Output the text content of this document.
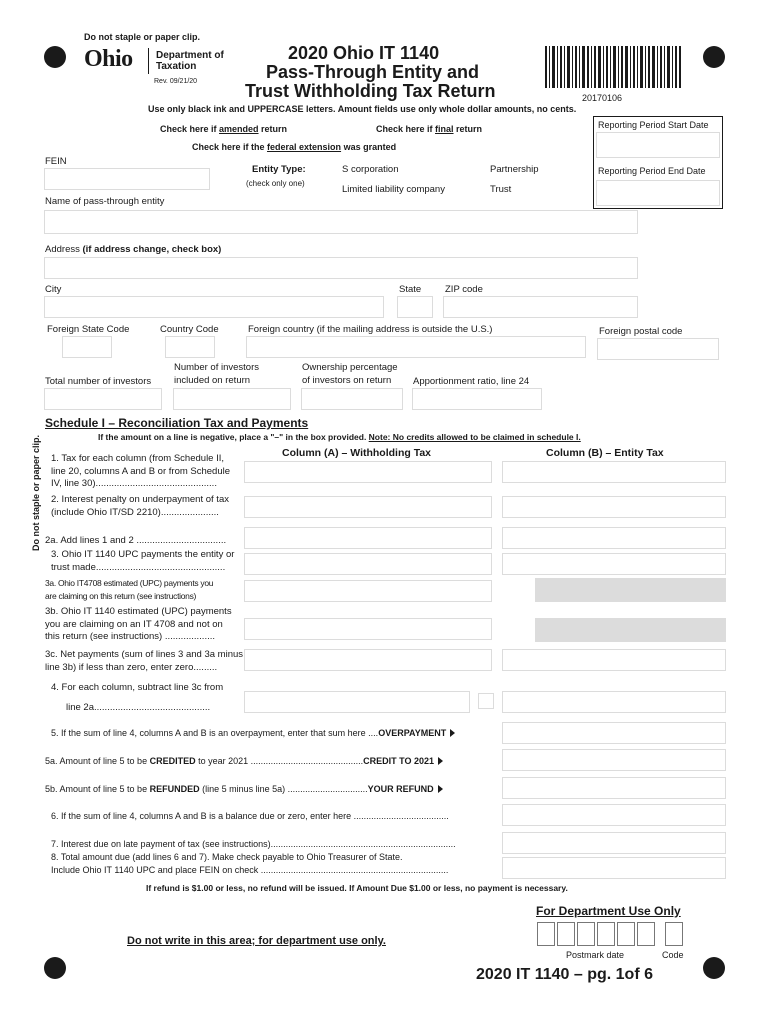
Do not staple or paper clip.
Ohio Department of
Taxation
Rev. 09/21/20
2020 Ohio IT 1140
Pass-Through Entity and
Trust Withholding Tax Return	20170106
Use only black ink and UPPERCASE letters. Amount fields use only whole dollar amounts, no cents.
Check here if amended return	Check here if final return
Check here if the federal extension was granted
Reporting Period Start Date
Reporting Period End Date
FEIN
Entity Type:
(check only one)
S corporation	Partnership
Limited liability company	Trust
Name of pass-through entity
Address (if address change, check box)
City	State	ZIP code
Foreign State Code	Country Code	Foreign country (if the mailing address is outside the U.S.)	Foreign postal code
Total number of investors
Number of investors
included on return
Ownership percentage
of investors on return	Apportionment ratio, line 24
Do not staple or paper clip.
Schedule I – Reconciliation Tax and Payments
If the amount on a line is negative, place a "–" in the box provided. Note: No credits allowed to be claimed in schedule I.
Column (A) – Withholding Tax	Column (B) – Entity Tax
1. Tax for each column (from Schedule II,
line 20, columns A and B or from Schedule
IV, line 30)..............................................
2. Interest penalty on underpayment of tax
(include Ohio IT/SD 2210)......................
2a. Add lines 1 and 2 ..................................
3. Ohio IT 1140 UPC payments the entity or
trust made.................................................
3a. Ohio IT4708 estimated (UPC) payments you
are claiming on this return (see instructions)
3b. Ohio IT 1140 estimated (UPC) payments
you are claiming on an IT 4708 and not on
this return (see instructions) ...................
3c. Net payments (sum of lines 3 and 3a minus
line 3b) if less than zero, enter zero.........
4. For each column, subtract line 3c from
line 2a............................................
5. If the sum of line 4, columns A and B is an overpayment, enter that sum here ....OVERPAYMENT
5a. Amount of line 5 to be CREDITED to year 2021 .............................................CREDIT TO 2021
5b. Amount of line 5 to be REFUNDED (line 5 minus line 5a) ................................YOUR REFUND
6. If the sum of line 4, columns A and B is a balance due or zero, enter here ......................................
7. Interest due on late payment of tax (see instructions)..........................................................................
8. Total amount due (add lines 6 and 7). Make check payable to Ohio Treasurer of State.
Include Ohio IT 1140 UPC and place FEIN on check ...........................................................................
If refund is $1.00 or less, no refund will be issued. If Amount Due $1.00 or less, no payment is necessary.
For Department Use Only
Do not write in this area; for department use only.
Postmark date	Code
2020 IT 1140 – pg. 1of 6
